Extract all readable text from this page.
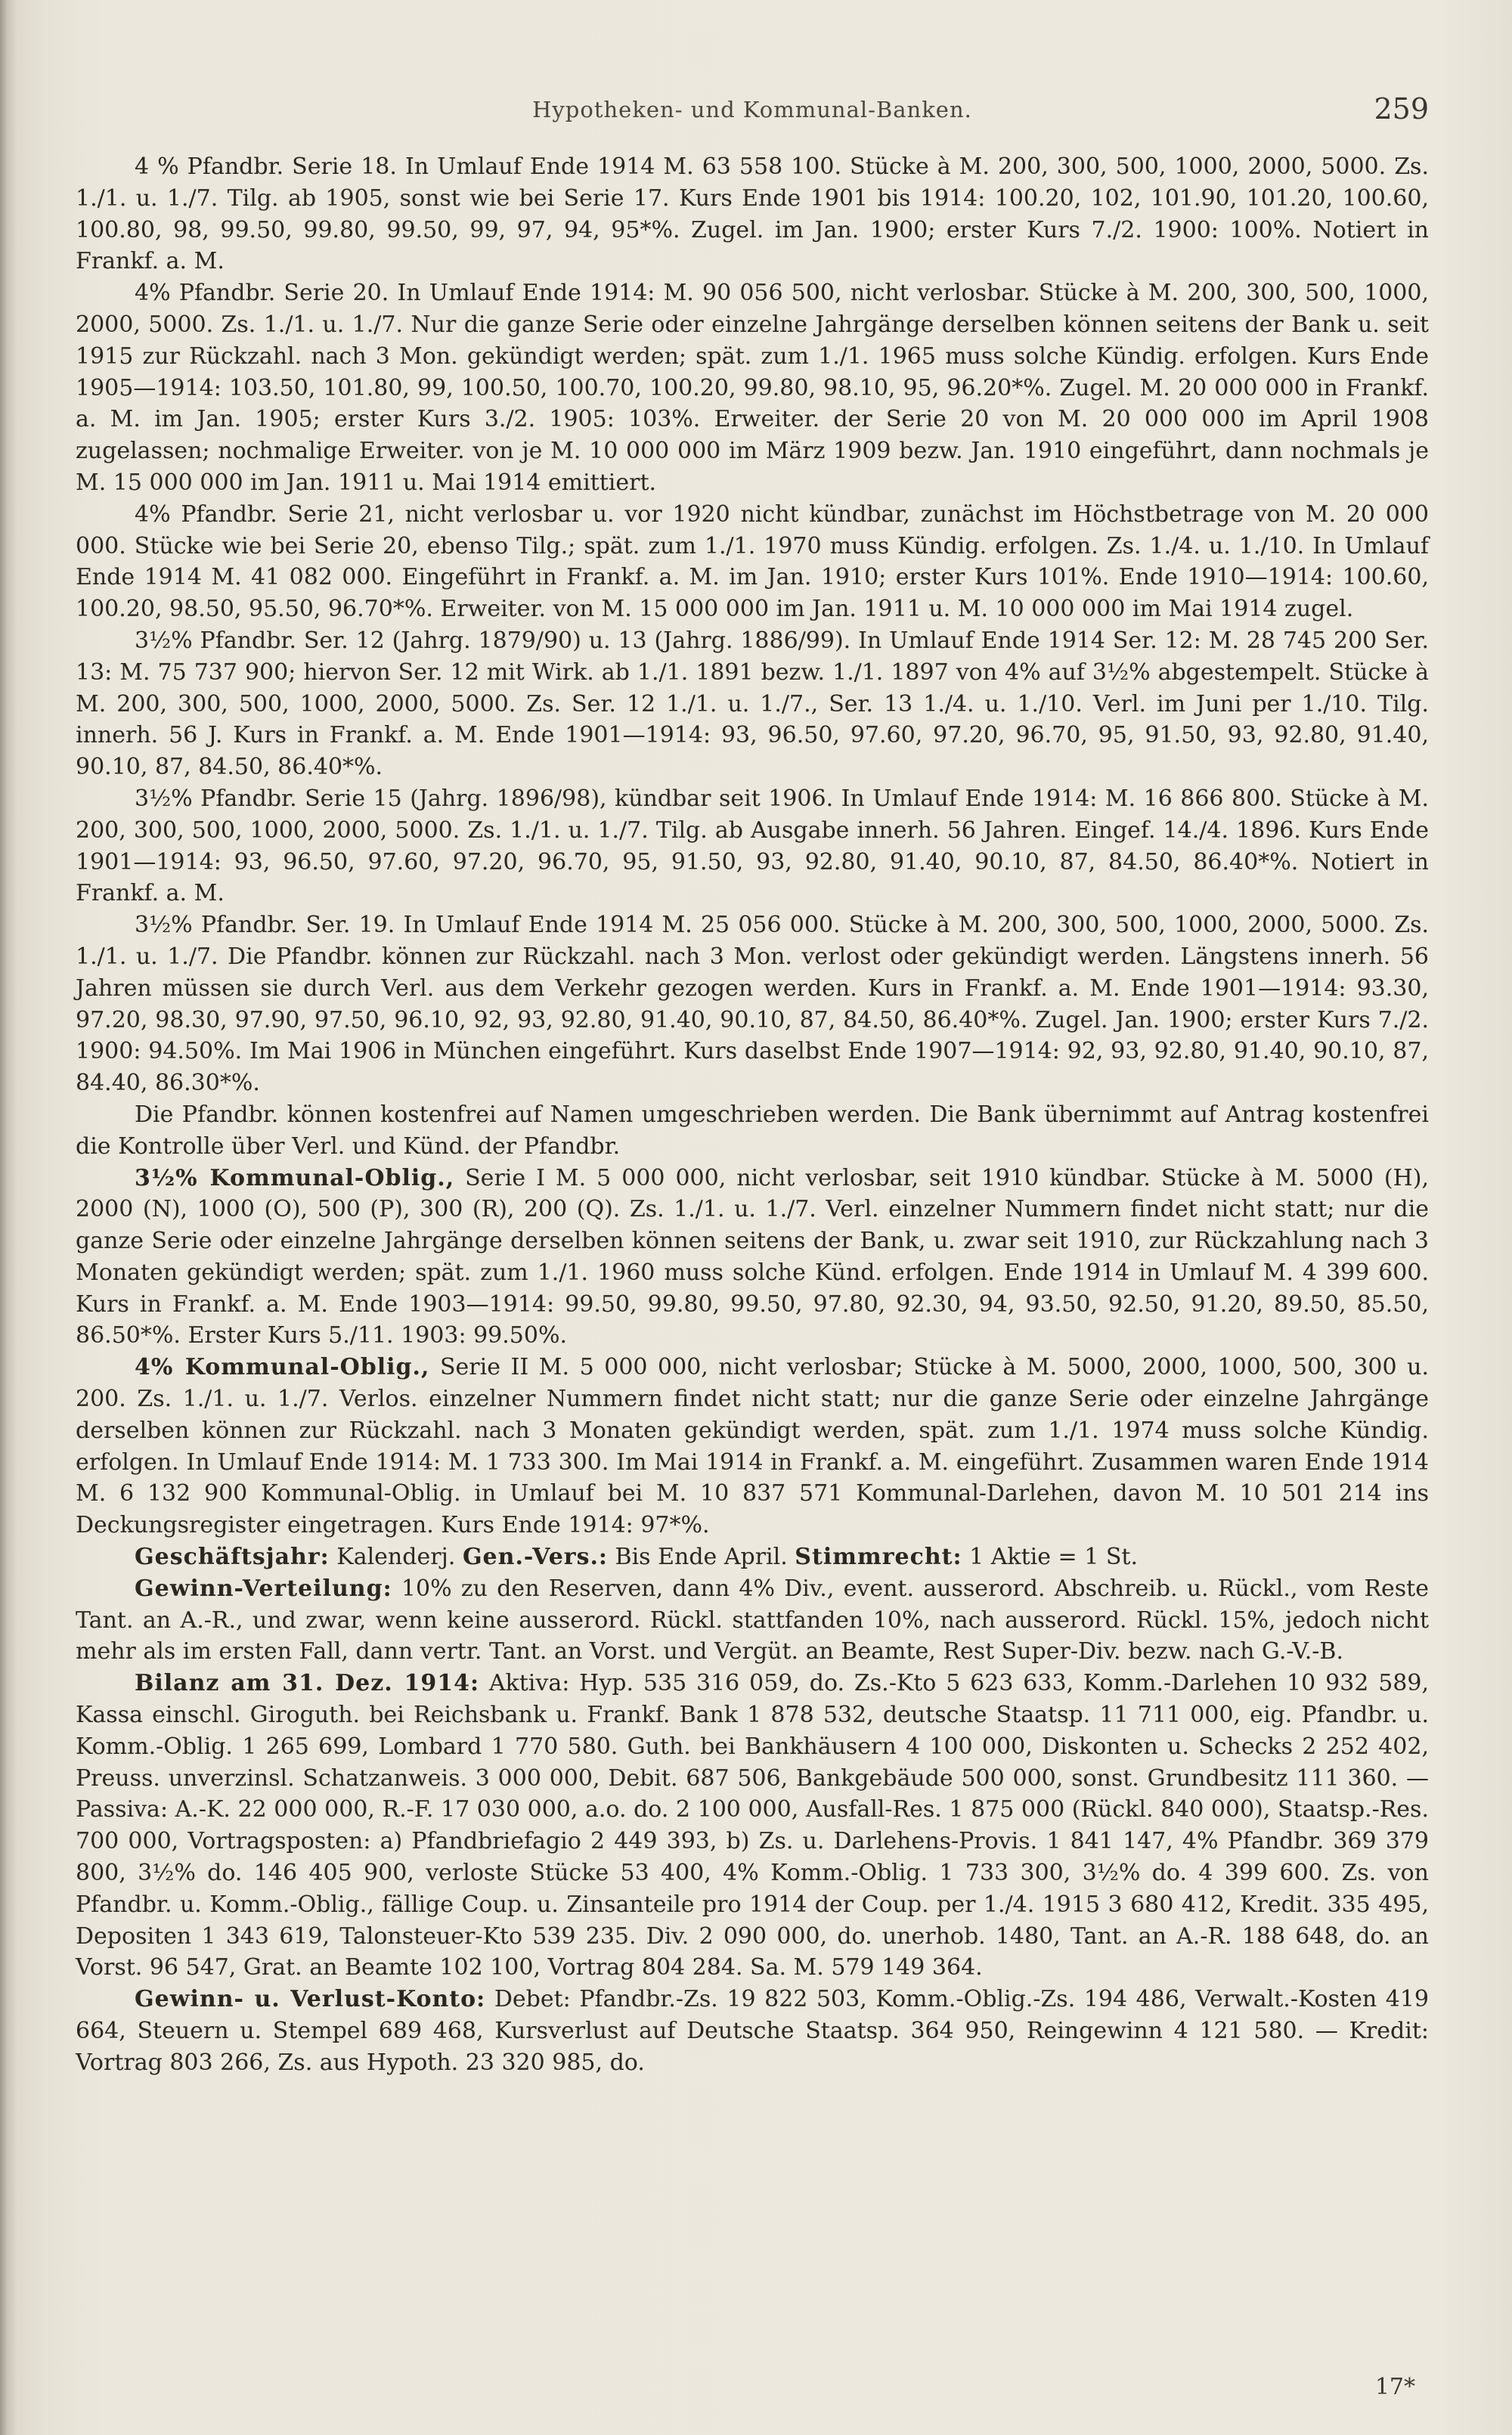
Hypotheken- und Kommunal-Banken.	259

4 % Pfandbr. Serie 18. In Umlauf Ende 1914 M. 63 558 100. Stücke à M. 200, 300, 500, 1000, 2000, 5000. Zs. 1./1. u. 1./7. Tilg. ab 1905, sonst wie bei Serie 17. Kurs Ende 1901 bis 1914: 100.20, 102, 101.90, 101.20, 100.60, 100.80, 98, 99.50, 99.80, 99.50, 99, 97, 94, 95*%. Zugel. im Jan. 1900; erster Kurs 7./2. 1900: 100%. Notiert in Frankf. a. M.

4% Pfandbr. Serie 20. In Umlauf Ende 1914: M. 90 056 500, nicht verlosbar. Stücke à M. 200, 300, 500, 1000, 2000, 5000. Zs. 1./1. u. 1./7. Nur die ganze Serie oder einzelne Jahrgänge derselben können seitens der Bank u. seit 1915 zur Rückzahl. nach 3 Mon. gekündigt werden; spät. zum 1./1. 1965 muss solche Kündig. erfolgen. Kurs Ende 1905—1914: 103.50, 101.80, 99, 100.50, 100.70, 100.20, 99.80, 98.10, 95, 96.20*%. Zugel. M. 20 000 000 in Frankf. a. M. im Jan. 1905; erster Kurs 3./2. 1905: 103%. Erweiter. der Serie 20 von M. 20 000 000 im April 1908 zugelassen; nochmalige Erweiter. von je M. 10 000 000 im März 1909 bezw. Jan. 1910 eingeführt, dann nochmals je M. 15 000 000 im Jan. 1911 u. Mai 1914 emittiert.

4% Pfandbr. Serie 21, nicht verlosbar u. vor 1920 nicht kündbar, zunächst im Höchstbetrage von M. 20 000 000. Stücke wie bei Serie 20, ebenso Tilg.; spät. zum 1./1. 1970 muss Kündig. erfolgen. Zs. 1./4. u. 1./10. In Umlauf Ende 1914 M. 41 082 000. Eingeführt in Frankf. a. M. im Jan. 1910; erster Kurs 101%. Ende 1910—1914: 100.60, 100.20, 98.50, 95.50, 96.70*%. Erweiter. von M. 15 000 000 im Jan. 1911 u. M. 10 000 000 im Mai 1914 zugel.

3½% Pfandbr. Ser. 12 (Jahrg. 1879/90) u. 13 (Jahrg. 1886/99). In Umlauf Ende 1914 Ser. 12: M. 28 745 200 Ser. 13: M. 75 737 900; hiervon Ser. 12 mit Wirk. ab 1./1. 1891 bezw. 1./1. 1897 von 4% auf 3½% abgestempelt. Stücke à M. 200, 300, 500, 1000, 2000, 5000. Zs. Ser. 12 1./1. u. 1./7., Ser. 13 1./4. u. 1./10. Verl. im Juni per 1./10. Tilg. innerh. 56 J. Kurs in Frankf. a. M. Ende 1901—1914: 93, 96.50, 97.60, 97.20, 96.70, 95, 91.50, 93, 92.80, 91.40, 90.10, 87, 84.50, 86.40*%.

3½% Pfandbr. Serie 15 (Jahrg. 1896/98), kündbar seit 1906. In Umlauf Ende 1914: M. 16 866 800. Stücke à M. 200, 300, 500, 1000, 2000, 5000. Zs. 1./1. u. 1./7. Tilg. ab Ausgabe innerh. 56 Jahren. Eingef. 14./4. 1896. Kurs Ende 1901—1914: 93, 96.50, 97.60, 97.20, 96.70, 95, 91.50, 93, 92.80, 91.40, 90.10, 87, 84.50, 86.40*%. Notiert in Frankf. a. M.

3½% Pfandbr. Ser. 19. In Umlauf Ende 1914 M. 25 056 000. Stücke à M. 200, 300, 500, 1000, 2000, 5000. Zs. 1./1. u. 1./7. Die Pfandbr. können zur Rückzahl. nach 3 Mon. verlost oder gekündigt werden. Längstens innerh. 56 Jahren müssen sie durch Verl. aus dem Verkehr gezogen werden. Kurs in Frankf. a. M. Ende 1901—1914: 93.30, 97.20, 98.30, 97.90, 97.50, 96.10, 92, 93, 92.80, 91.40, 90.10, 87, 84.50, 86.40*%. Zugel. Jan. 1900; erster Kurs 7./2. 1900: 94.50%. Im Mai 1906 in München eingeführt. Kurs daselbst Ende 1907—1914: 92, 93, 92.80, 91.40, 90.10, 87, 84.40, 86.30*%.

Die Pfandbr. können kostenfrei auf Namen umgeschrieben werden. Die Bank übernimmt auf Antrag kostenfrei die Kontrolle über Verl. und Künd. der Pfandbr.

3½% Kommunal-Oblig., Serie I M. 5 000 000, nicht verlosbar, seit 1910 kündbar. Stücke à M. 5000 (H), 2000 (N), 1000 (O), 500 (P), 300 (R), 200 (Q). Zs. 1./1. u. 1./7. Verl. einzelner Nummern findet nicht statt; nur die ganze Serie oder einzelne Jahrgänge derselben können seitens der Bank, u. zwar seit 1910, zur Rückzahlung nach 3 Monaten gekündigt werden; spät. zum 1./1. 1960 muss solche Künd. erfolgen. Ende 1914 in Umlauf M. 4 399 600. Kurs in Frankf. a. M. Ende 1903—1914: 99.50, 99.80, 99.50, 97.80, 92.30, 94, 93.50, 92.50, 91.20, 89.50, 85.50, 86.50*%. Erster Kurs 5./11. 1903: 99.50%.

4% Kommunal-Oblig., Serie II M. 5 000 000, nicht verlosbar; Stücke à M. 5000, 2000, 1000, 500, 300 u. 200. Zs. 1./1. u. 1./7. Verlos. einzelner Nummern findet nicht statt; nur die ganze Serie oder einzelne Jahrgänge derselben können zur Rückzahl. nach 3 Monaten gekündigt werden, spät. zum 1./1. 1974 muss solche Kündig. erfolgen. In Umlauf Ende 1914: M. 1 733 300. Im Mai 1914 in Frankf. a. M. eingeführt. Zusammen waren Ende 1914 M. 6 132 900 Kommunal-Oblig. in Umlauf bei M. 10 837 571 Kommunal-Darlehen, davon M. 10 501 214 ins Deckungsregister eingetragen. Kurs Ende 1914: 97*%.

Geschäftsjahr: Kalenderj. Gen.-Vers.: Bis Ende April. Stimmrecht: 1 Aktie = 1 St.

Gewinn-Verteilung: 10% zu den Reserven, dann 4% Div., event. ausserord. Abschreib. u. Rückl., vom Reste Tant. an A.-R., und zwar, wenn keine ausserord. Rückl. stattfanden 10%, nach ausserord. Rückl. 15%, jedoch nicht mehr als im ersten Fall, dann vertr. Tant. an Vorst. und Vergüt. an Beamte, Rest Super-Div. bezw. nach G.-V.-B.

Bilanz am 31. Dez. 1914: Aktiva: Hyp. 535 316 059, do. Zs.-Kto 5 623 633, Komm.-Darlehen 10 932 589, Kassa einschl. Giroguth. bei Reichsbank u. Frankf. Bank 1 878 532, deutsche Staatsp. 11 711 000, eig. Pfandbr. u. Komm.-Oblig. 1 265 699, Lombard 1 770 580. Guth. bei Bankhäusern 4 100 000, Diskonten u. Schecks 2 252 402, Preuss. unverzinsl. Schatzanweis. 3 000 000, Debit. 687 506, Bankgebäude 500 000, sonst. Grundbesitz 111 360. — Passiva: A.-K. 22 000 000, R.-F. 17 030 000, a.o. do. 2 100 000, Ausfall-Res. 1 875 000 (Rückl. 840 000), Staatsp.-Res. 700 000, Vortragsposten: a) Pfandbriefagio 2 449 393, b) Zs. u. Darlehens-Provis. 1 841 147, 4% Pfandbr. 369 379 800, 3½% do. 146 405 900, verloste Stücke 53 400, 4% Komm.-Oblig. 1 733 300, 3½% do. 4 399 600. Zs. von Pfandbr. u. Komm.-Oblig., fällige Coup. u. Zinsanteile pro 1914 der Coup. per 1./4. 1915 3 680 412, Kredit. 335 495, Depositen 1 343 619, Talonsteuer-Kto 539 235. Div. 2 090 000, do. unerhob. 1480, Tant. an A.-R. 188 648, do. an Vorst. 96 547, Grat. an Beamte 102 100, Vortrag 804 284. Sa. M. 579 149 364.

Gewinn- u. Verlust-Konto: Debet: Pfandbr.-Zs. 19 822 503, Komm.-Oblig.-Zs. 194 486, Verwalt.-Kosten 419 664, Steuern u. Stempel 689 468, Kursverlust auf Deutsche Staatsp. 364 950, Reingewinn 4 121 580. — Kredit: Vortrag 803 266, Zs. aus Hypoth. 23 320 985, do.

17*
